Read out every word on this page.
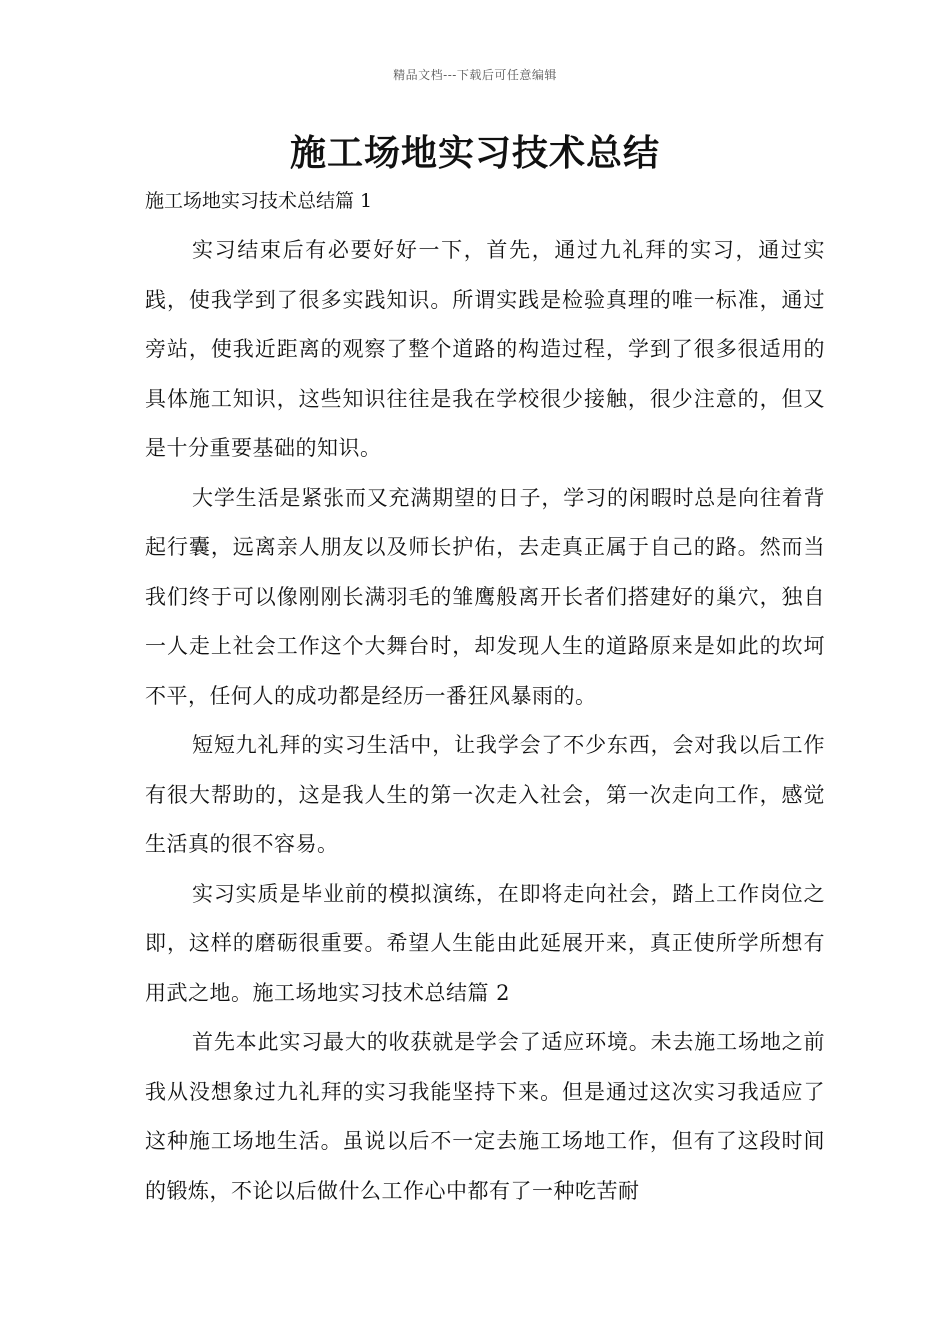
精品文档---下载后可任意编辑
施工场地实习技术总结

施工场地实习技术总结篇 1

实习结束后有必要好好一下，首先，通过九礼拜的实习，通过实践，使我学到了很多实践知识。所谓实践是检验真理的唯一标准，通过旁站，使我近距离的观察了整个道路的构造过程，学到了很多很适用的具体施工知识，这些知识往往是我在学校很少接触，很少注意的，但又是十分重要基础的知识。

大学生活是紧张而又充满期望的日子，学习的闲暇时总是向往着背起行囊，远离亲人朋友以及师长护佑，去走真正属于自己的路。然而当我们终于可以像刚刚长满羽毛的雏鹰般离开长者们搭建好的巢穴，独自一人走上社会工作这个大舞台时，却发现人生的道路原来是如此的坎坷不平，任何人的成功都是经历一番狂风暴雨的。

短短九礼拜的实习生活中，让我学会了不少东西，会对我以后工作有很大帮助的，这是我人生的第一次走入社会，第一次走向工作，感觉生活真的很不容易。

实习实质是毕业前的模拟演练，在即将走向社会，踏上工作岗位之即，这样的磨砺很重要。希望人生能由此延展开来，真正使所学所想有用武之地。施工场地实习技术总结篇 2

首先本此实习最大的收获就是学会了适应环境。未去施工场地之前我从没想象过九礼拜的实习我能坚持下来。但是通过这次实习我适应了这种施工场地生活。虽说以后不一定去施工场地工作，但有了这段时间的锻炼，不论以后做什么工作心中都有了一种吃苦耐
